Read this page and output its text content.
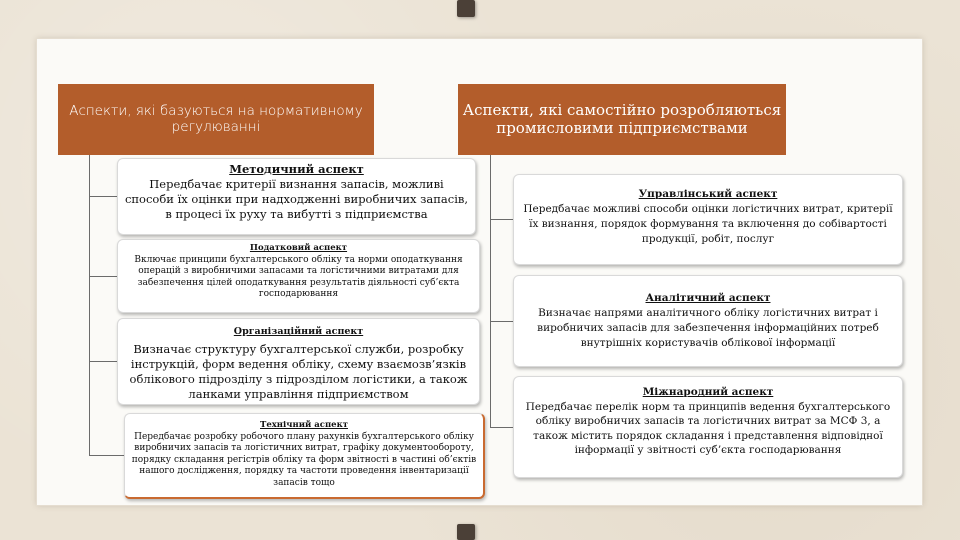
Аспекти, які базуються на нормативному регулюванні
Аспекти, які самостійно розробляються промисловими підприємствами
Методичний аспект
Передбачає критерії визнання запасів, можливі способи їх оцінки при надходженні виробничих запасів, в процесі їх руху та вибутті з підприємства
Податковий аспект
Включає принципи бухгалтерського обліку та норми оподаткування операцій з виробничими запасами та логістичними витратами для забезпечення цілей оподаткування результатів діяльності суб’єкта господарювання
Організаційний аспект
Визначає структуру бухгалтерської служби, розробку інструкцій, форм ведення обліку, схему взаємозв’язків облікового підрозділу з підрозділом логістики, а також ланками управління підприємством
Технічний аспект
Передбачає розробку робочого плану рахунків бухгалтерського обліку виробничих запасів та логістичних витрат, графіку документообороту, порядку складання регістрів обліку та форм звітності в частині об’єктів нашого дослідження, порядку та частоти проведення інвентаризації запасів тощо
Управлінський аспект
Передбачає можливі способи оцінки логістичних витрат, критерії їх визнання, порядок формування та включення до собівартості продукції, робіт, послуг
Аналітичний аспект
Визначає напрями аналітичного обліку логістичних витрат і виробничих запасів для забезпечення інформаційних потреб внутрішніх користувачів облікової інформації
Міжнародний аспект
Передбачає перелік норм та принципів ведення бухгалтерського обліку виробничих запасів та логістичних витрат за МСФ 3, а також містить порядок складання і представлення відповідної інформації у звітності суб’єкта господарювання
